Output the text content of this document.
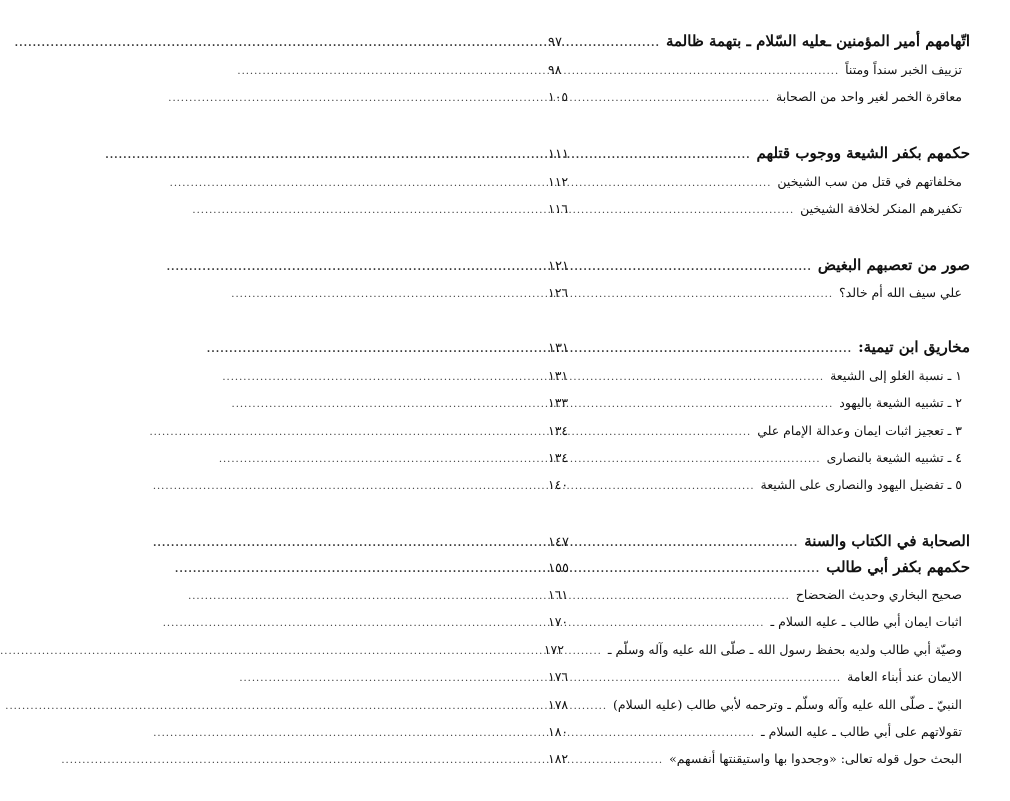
اتّهامهم أمير المؤمنين ـعليه السّلام ـ بتهمة ظالمة
.....
٩٧
تزييف الخبر سنداً ومتناً
.....
٩٨
معاقرة الخمر لغير واحد من الصحابة
.....
١٠٥
حكمهم بكفر الشيعة ووجوب قتلهم
.....
١١١
مخلفاتهم في قتل من سب الشيخين
.....
١١٢
تكفيرهم المنكر لخلافة الشيخين
.....
١١٦
صور من تعصبهم البغيض
.....
١٢١
علي سيف الله أم خالد؟
.....
١٢٦
مخاريق ابن تيمية:
.....
١٣١
١ ـ نسبة الغلو إلى الشيعة
.....
١٣١
٢ ـ تشبيه الشيعة باليهود
.....
١٣٣
٣ ـ تعجيز اثبات ايمان وعدالة الإمام علي
.....
١٣٤
٤ ـ تشبيه الشيعة بالنصارى
.....
١٣٤
٥ ـ تفضيل اليهود والنصارى على الشيعة
.....
١٤٠
الصحابة في الكتاب والسنة
.....
١٤٧
حكمهم بكفر أبي طالب
.....
١٥٥
صحيح البخاري وحديث الضحضاح
.....
١٦١
اثبات ايمان أبي طالب ـ عليه السلام ـ
.....
١٧٠
وصيّة أبي طالب ولديه بحفظ رسول الله ـ صلّى الله عليه وآله وسلّم ـ
.....
١٧٢
الايمان عند أبناء العامة
.....
١٧٦
النبيّ ـ صلّى الله عليه وآله وسلّم ـ وترحمه لأبي طالب (عليه السلام)
.....
١٧٨
تقولاتهم على أبي طالب ـ عليه السلام ـ
.....
١٨٠
البحث حول قوله تعالى: «وجحدوا بها واستيقنتها أنفسهم»
.....
١٨٢
